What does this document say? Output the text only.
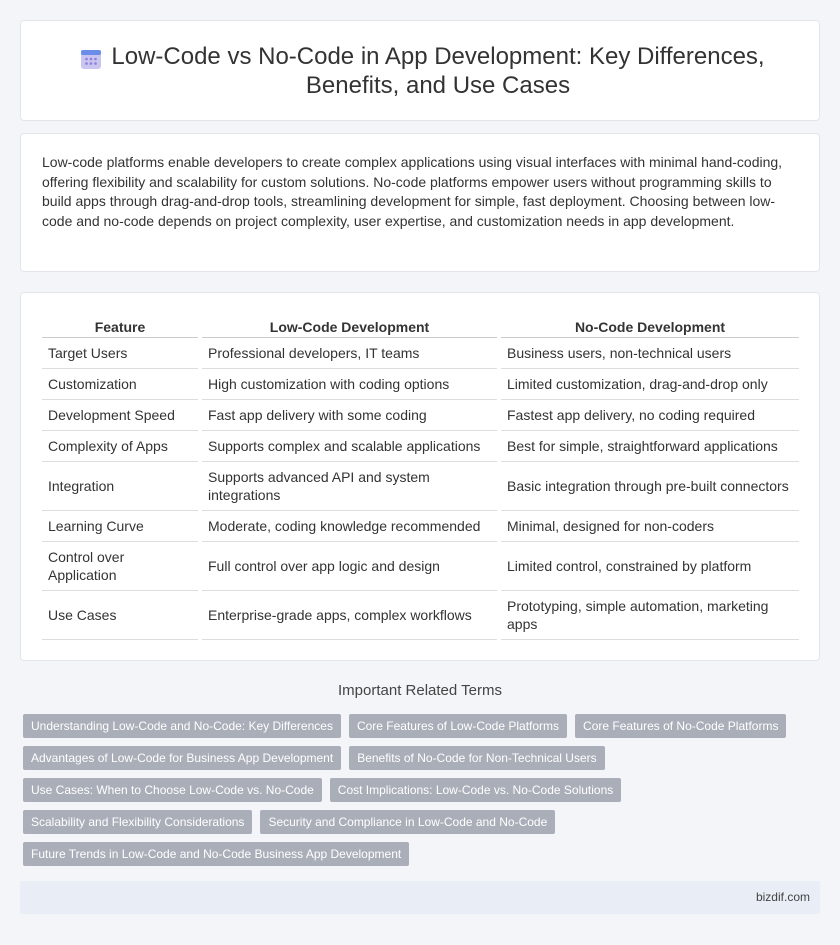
Low-Code vs No-Code in App Development: Key Differences, Benefits, and Use Cases

Low-code platforms enable developers to create complex applications using visual interfaces with minimal hand-coding, offering flexibility and scalability for custom solutions. No-code platforms empower users without programming skills to build apps through drag-and-drop tools, streamlining development for simple, fast deployment. Choosing between low-code and no-code depends on project complexity, user expertise, and customization needs in app development.

Feature		Low-Code Development		No-Code Development
Target Users		Professional developers, IT teams		Business users, non-technical users
Customization		High customization with coding options		Limited customization, drag-and-drop only
Development Speed		Fast app delivery with some coding		Fastest app delivery, no coding required
Complexity of Apps		Supports complex and scalable applications		Best for simple, straightforward applications
Integration		Supports advanced API and system integrations		Basic integration through pre-built connectors
Learning Curve		Moderate, coding knowledge recommended		Minimal, designed for non-coders
Control over Application		Full control over app logic and design		Limited control, constrained by platform
Use Cases		Enterprise-grade apps, complex workflows		Prototyping, simple automation, marketing apps
Important Related Terms
Understanding Low-Code and No-Code: Key Differences	Core Features of Low-Code Platforms	Core Features of No-Code Platforms
Advantages of Low-Code for Business App Development	Benefits of No-Code for Non-Technical Users
Use Cases: When to Choose Low-Code vs. No-Code	Cost Implications: Low-Code vs. No-Code Solutions
Scalability and Flexibility Considerations	Security and Compliance in Low-Code and No-Code
Future Trends in Low-Code and No-Code Business App Development
bizdif.com
